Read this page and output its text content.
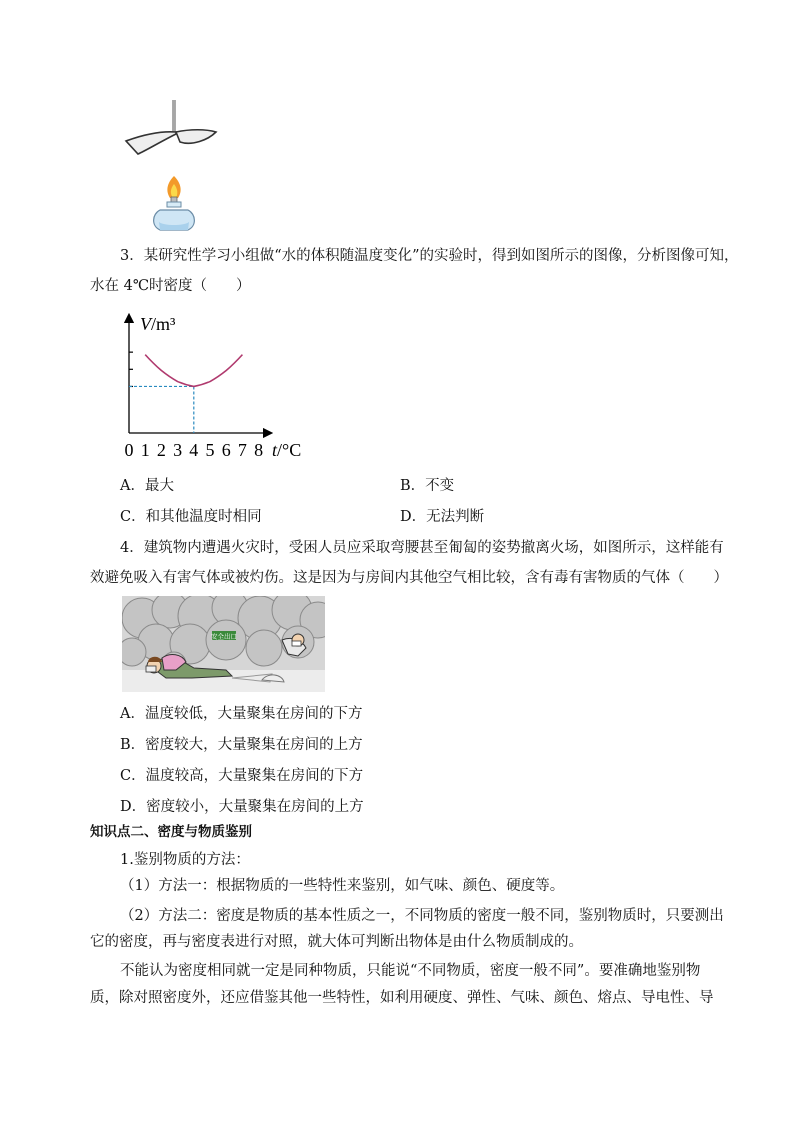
3．某研究性学习小组做“水的体积随温度变化”的实验时，得到如图所示的图像，分析图像可知，
水在 4℃时密度（　　）
V/m³
t/°C
0 1 2 3 4 5 6 7 8
A．最大	B．不变
C．和其他温度时相同	D．无法判断
4．建筑物内遭遇火灾时，受困人员应采取弯腰甚至匍匐的姿势撤离火场，如图所示，这样能有
效避免吸入有害气体或被灼伤。这是因为与房间内其他空气相比较，含有毒有害物质的气体（　　）
安全出口
A．温度较低，大量聚集在房间的下方
B．密度较大，大量聚集在房间的上方
C．温度较高，大量聚集在房间的下方
D．密度较小，大量聚集在房间的上方
知识点二、密度与物质鉴别
1.鉴别物质的方法：
（1）方法一：根据物质的一些特性来鉴别，如气味、颜色、硬度等。
（2）方法二：密度是物质的基本性质之一，不同物质的密度一般不同，鉴别物质时，只要测出
它的密度，再与密度表进行对照，就大体可判断出物体是由什么物质制成的。
不能认为密度相同就一定是同种物质，只能说“不同物质，密度一般不同”。要准确地鉴别物
质，除对照密度外，还应借鉴其他一些特性，如利用硬度、弹性、气味、颜色、熔点、导电性、导
